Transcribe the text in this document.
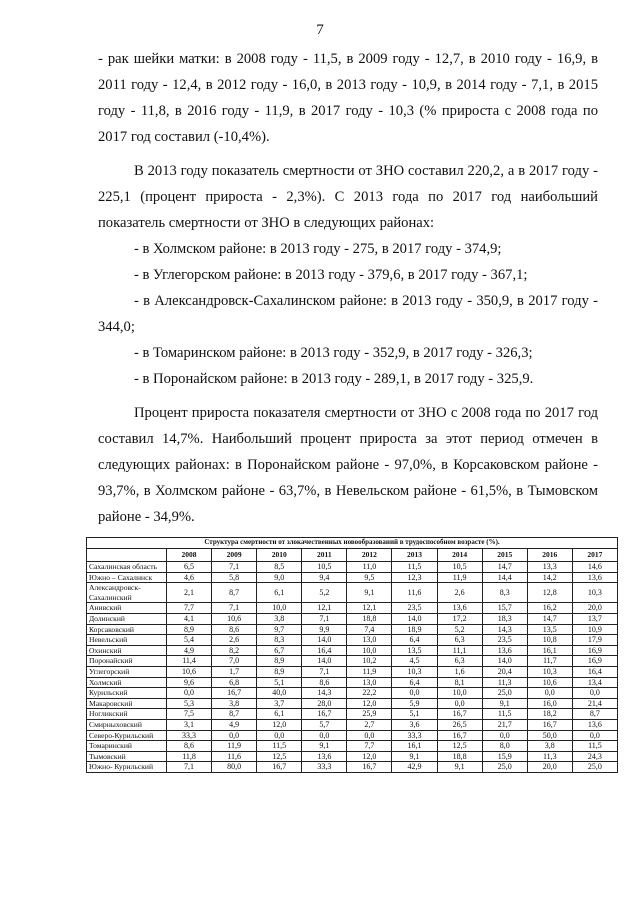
7

- рак шейки матки: в 2008 году - 11,5, в 2009 году - 12,7, в 2010 году - 16,9, в 2011 году - 12,4, в 2012 году - 16,0, в 2013 году - 10,9, в 2014 году - 7,1, в 2015 году - 11,8, в 2016 году - 11,9, в 2017 году - 10,3 (% прироста с 2008 года по 2017 год составил (-10,4%).

В 2013 году показатель смертности от ЗНО составил 220,2, а в 2017 году - 225,1 (процент прироста - 2,3%). С 2013 года по 2017 год наибольший показатель смертности от ЗНО в следующих районах:

- в Холмском районе: в 2013 году - 275, в 2017 году - 374,9;

- в Углегорском районе: в 2013 году - 379,6, в 2017 году - 367,1;

- в Александровск-Сахалинском районе: в 2013 году - 350,9, в 2017 году - 344,0;

- в Томаринском районе: в 2013 году - 352,9, в 2017 году - 326,3;

- в Поронайском районе: в 2013 году - 289,1, в 2017 году - 325,9.

Процент прироста показателя смертности от ЗНО с 2008 года по 2017 год составил 14,7%. Наибольший процент прироста за этот период отмечен в следующих районах: в Поронайском районе - 97,0%, в Корсаковском районе - 93,7%, в Холмском районе - 63,7%, в Невельском районе - 61,5%, в Тымовском районе - 34,9%.

Структура смертности от злокачественных новообразований в трудоспособном возрасте (%).										
	2008	2009	2010	2011	2012	2013	2014	2015	2016	2017
Сахалинская область	6,5	7,1	8,5	10,5	11,0	11,5	10,5	14,7	13,3	14,6
Южно – Сахалинск	4,6	5,8	9,0	9,4	9,5	12,3	11,9	14,4	14,2	13,6
Александровск-Сахалинский	2,1	8,7	6,1	5,2	9,1	11,6	2,6	8,3	12,8	10,3
Анивский	7,7	7,1	10,0	12,1	12,1	23,5	13,6	15,7	16,2	20,0
Долинский	4,1	10,6	3,8	7,1	18,8	14,0	17,2	18,3	14,7	13,7
Корсаковский	8,9	8,6	9,7	9,9	7,4	18,9	5,2	14,3	13,5	10,9
Невельский	5,4	2,6	8,3	14,0	13,0	6,4	6,3	23,5	10,8	17,9
Охинский	4,9	8,2	6,7	16,4	10,0	13,5	11,1	13,6	16,1	16,9
Поронайский	11,4	7,0	8,9	14,0	10,2	4,5	6,3	14,0	11,7	16,9
Углегорский	10,6	1,7	8,9	7,1	11,9	10,3	1,6	20,4	10,3	16,4
Холмский	9,6	6,8	5,1	8,6	13,0	6,4	8,1	11,3	10,6	13,4
Курильский	0,0	16,7	40,0	14,3	22,2	0,0	10,0	25,0	0,0	0,0
Макаровский	5,3	3,8	3,7	28,0	12,0	5,9	0,0	9,1	16,0	21,4
Ногликский	7,5	8,7	6,1	16,7	25,9	5,1	16,7	11,5	18,2	8,7
Смирныховский	3,1	4,9	12,0	5,7	2,7	3,6	26,5	21,7	16,7	13,6
Северо-Курильский	33,3	0,0	0,0	0,0	0,0	33,3	16,7	0,0	50,0	0,0
Томаринский	8,6	11,9	11,5	9,1	7,7	16,1	12,5	8,0	3,8	11,5
Тымовский	11,8	11,6	12,5	13,6	12,0	9,1	18,8	15,9	11,3	24,3
Южно- Курильский	7,1	80,0	16,7	33,3	16,7	42,9	9,1	25,0	20,0	25,0
